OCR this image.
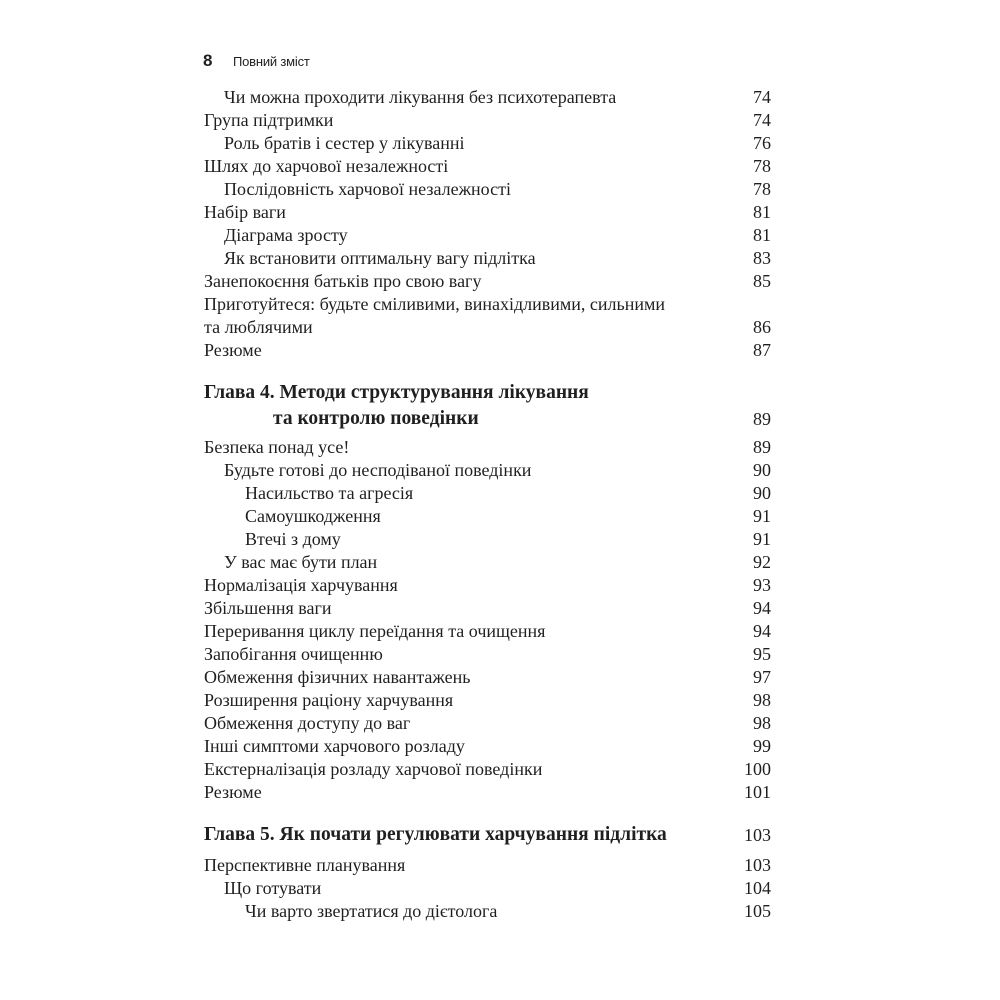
8 Повний зміст
Чи можна проходити лікування без психотерапевта	74
Група підтримки	74
Роль братів і сестер у лікуванні	76
Шлях до харчової незалежності	78
Послідовність харчової незалежності	78
Набір ваги	81
Діаграма зросту	81
Як встановити оптимальну вагу підлітка	83
Занепокоєння батьків про свою вагу	85
Приготуйтеся: будьте сміливими, винахідливими, сильними
та люблячими	86
Резюме	87
Глава 4. Методи структурування лікування
та контролю поведінки	89
Безпека понад усе!	89
Будьте готові до несподіваної поведінки	90
Насильство та агресія	90
Самоушкодження	91
Втечі з дому	91
У вас має бути план	92
Нормалізація харчування	93
Збільшення ваги	94
Переривання циклу переїдання та очищення	94
Запобігання очищенню	95
Обмеження фізичних навантажень	97
Розширення раціону харчування	98
Обмеження доступу до ваг	98
Інші симптоми харчового розладу	99
Екстерналізація розладу харчової поведінки	100
Резюме	101
Глава 5. Як почати регулювати харчування підлітка	103
Перспективне планування	103
Що готувати	104
Чи варто звертатися до дієтолога	105
